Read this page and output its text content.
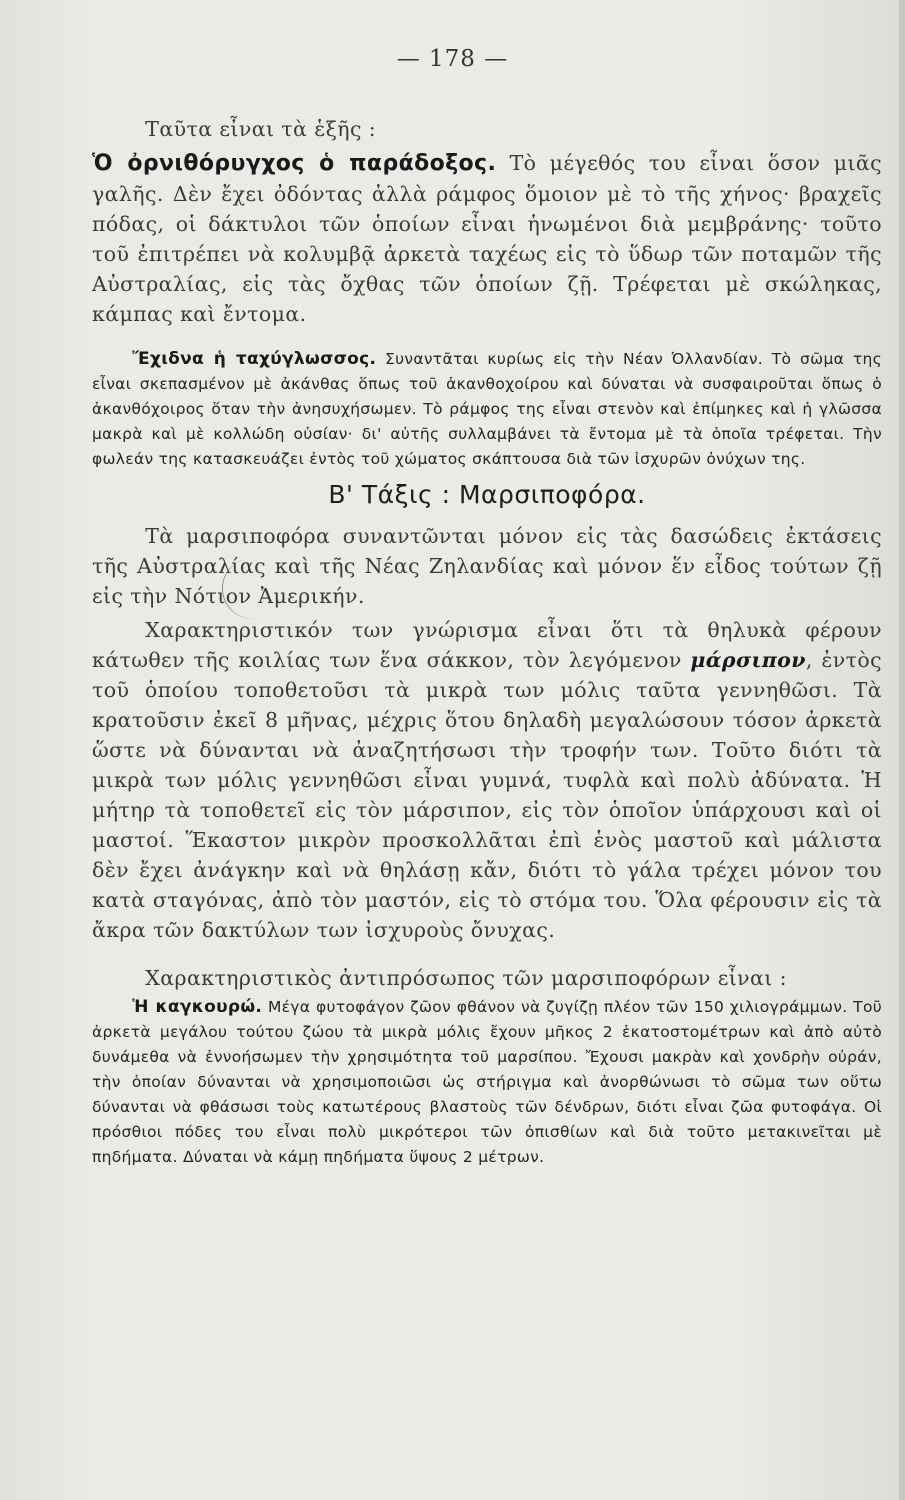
— 178 —

Ταῦτα εἶναι τὰ ἑξῆς :

Ὁ ὀρνιθόρυγχος ὁ παράδοξος. Τὸ μέγεθός του εἶναι ὅσον μιᾶς γαλῆς. Δὲν ἔχει ὀδόντας ἀλλὰ ράμφος ὅμοιον μὲ τὸ τῆς χήνος· βραχεῖς πόδας, οἱ δάκτυλοι τῶν ὁποίων εἶναι ἡνωμένοι διὰ μεμβράνης· τοῦτο τοῦ ἐπιτρέπει νὰ κολυμβᾷ ἀρκετὰ ταχέως εἰς τὸ ὕδωρ τῶν ποταμῶν τῆς Αὐστραλίας, εἰς τὰς ὄχθας τῶν ὁποίων ζῇ. Τρέφεται μὲ σκώληκας, κάμπας καὶ ἔντομα.

Ἔχιδνα ἡ ταχύγλωσσος. Συναντᾶται κυρίως εἰς τὴν Νέαν Ὀλλανδίαν. Τὸ σῶμα της εἶναι σκεπασμένον μὲ ἀκάνθας ὅπως τοῦ ἀκανθοχοίρου καὶ δύναται νὰ συσφαιροῦται ὅπως ὁ ἀκανθόχοιρος ὅταν τὴν ἀνησυχήσωμεν. Τὸ ράμφος της εἶναι στενὸν καὶ ἐπίμηκες καὶ ἡ γλῶσσα μακρὰ καὶ μὲ κολλώδη οὐσίαν· δι' αὐτῆς συλλαμβάνει τὰ ἔντομα μὲ τὰ ὁποῖα τρέφεται. Τὴν φωλεάν της κατασκευάζει ἐντὸς τοῦ χώματος σκάπτουσα διὰ τῶν ἰσχυρῶν ὀνύχων της.

Β' Τάξις : Μαρσιποφόρα.

Τὰ μαρσιποφόρα συναντῶνται μόνον εἰς τὰς δασώδεις ἐκτάσεις τῆς Αὐστραλίας καὶ τῆς Νέας Ζηλανδίας καὶ μόνον ἕν εἶδος τούτων ζῇ εἰς τὴν Νότιον Ἀμερικήν.

Χαρακτηριστικόν των γνώρισμα εἶναι ὅτι τὰ θηλυκὰ φέρουν κάτωθεν τῆς κοιλίας των ἕνα σάκκον, τὸν λεγόμενον μάρσιπον, ἐντὸς τοῦ ὁποίου τοποθετοῦσι τὰ μικρὰ των μόλις ταῦτα γεννηθῶσι. Τὰ κρατοῦσιν ἐκεῖ 8 μῆνας, μέχρις ὅτου δηλαδὴ μεγαλώσουν τόσον ἀρκετὰ ὥστε νὰ δύνανται νὰ ἀναζητήσωσι τὴν τροφήν των. Τοῦτο διότι τὰ μικρὰ των μόλις γεννηθῶσι εἶναι γυμνά, τυφλὰ καὶ πολὺ ἀδύνατα. Ἡ μήτηρ τὰ τοποθετεῖ εἰς τὸν μάρσιπον, εἰς τὸν ὁποῖον ὑπάρχουσι καὶ οἱ μαστοί. Ἕκαστον μικρὸν προσκολλᾶται ἐπὶ ἑνὸς μαστοῦ καὶ μάλιστα δὲν ἔχει ἀνάγκην καὶ νὰ θηλάσῃ κἄν, διότι τὸ γάλα τρέχει μόνον του κατὰ σταγόνας, ἀπὸ τὸν μαστόν, εἰς τὸ στόμα του. Ὅλα φέρουσιν εἰς τὰ ἄκρα τῶν δακτύλων των ἰσχυροὺς ὄνυχας.

Χαρακτηριστικὸς ἀντιπρόσωπος τῶν μαρσιποφόρων εἶναι :

Ἡ καγκουρώ. Μέγα φυτοφάγον ζῶον φθάνον νὰ ζυγίζῃ πλέον τῶν 150 χιλιογράμμων. Τοῦ ἀρκετὰ μεγάλου τούτου ζώου τὰ μικρὰ μόλις ἔχουν μῆκος 2 ἑκατοστομέτρων καὶ ἀπὸ αὐτὸ δυνάμεθα νὰ ἐννοήσωμεν τὴν χρησιμότητα τοῦ μαρσίπου. Ἔχουσι μακρὰν καὶ χονδρὴν οὐράν, τὴν ὁποίαν δύνανται νὰ χρησιμοποιῶσι ὡς στήριγμα καὶ ἀνορθώνωσι τὸ σῶμα των οὕτω δύνανται νὰ φθάσωσι τοὺς κατωτέρους βλαστοὺς τῶν δένδρων, διότι εἶναι ζῶα φυτοφάγα. Οἱ πρόσθιοι πόδες του εἶναι πολὺ μικρότεροι τῶν ὀπισθίων καὶ διὰ τοῦτο μετακινεῖται μὲ πηδήματα. Δύναται νὰ κάμῃ πηδήματα ὕψους 2 μέτρων.
